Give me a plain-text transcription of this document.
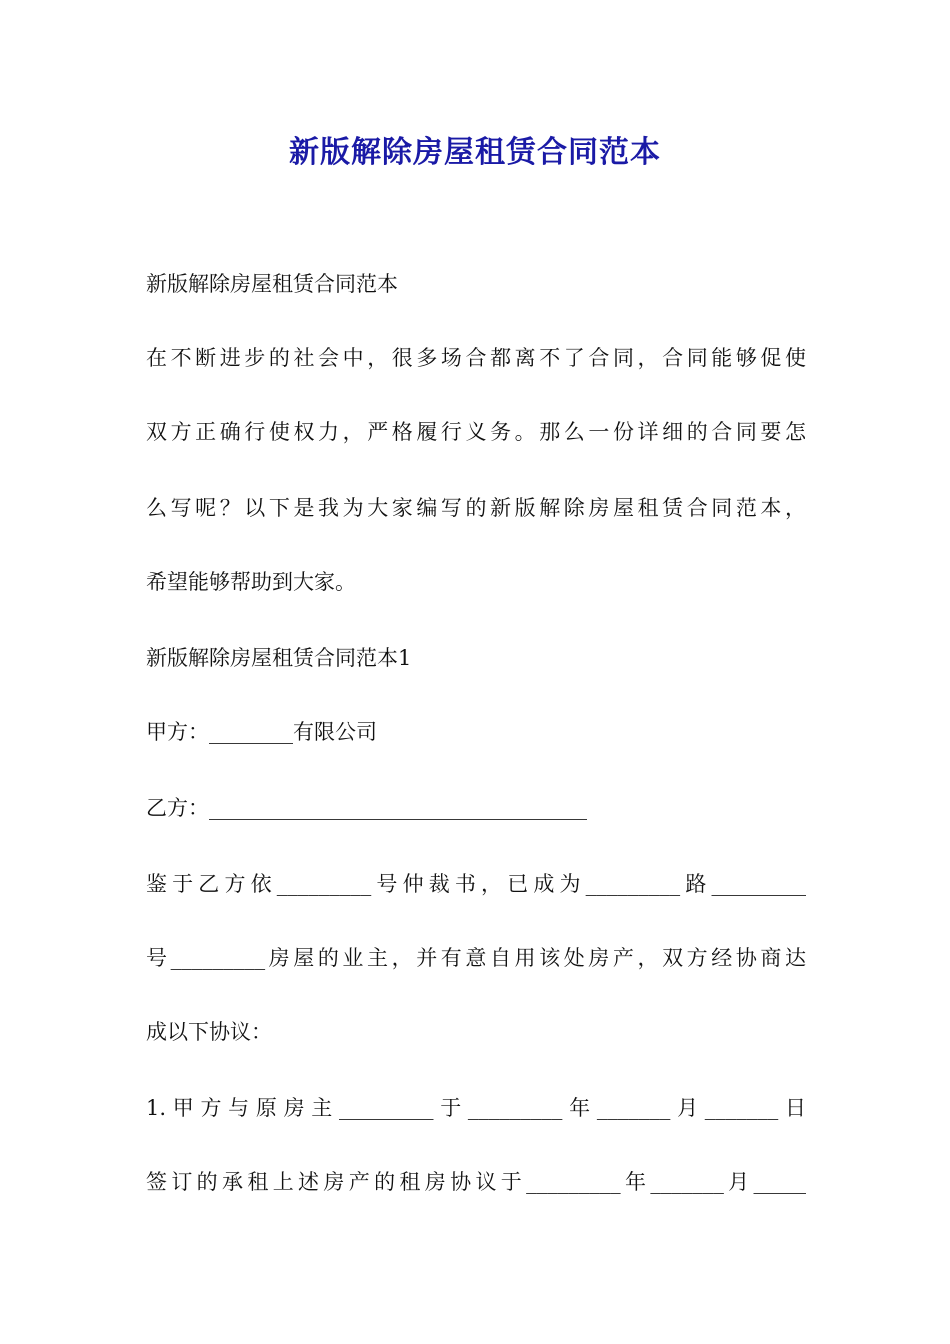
新版解除房屋租赁合同范本

新版解除房屋租赁合同范本

在不断进步的社会中，很多场合都离不了合同，合同能够促使

双方正确行使权力，严格履行义务。那么一份详细的合同要怎

么写呢？以下是我为大家编写的新版解除房屋租赁合同范本，

希望能够帮助到大家。

新版解除房屋租赁合同范本1

甲方：________有限公司

乙方：____________________________________

鉴于乙方依_________号仲裁书，已成为_________路_________

号_________房屋的业主，并有意自用该处房产，双方经协商达

成以下协议：

1.甲方与原房主_________于_________年_______月_______日

签订的承租上述房产的租房协议于_________年_______月_____
